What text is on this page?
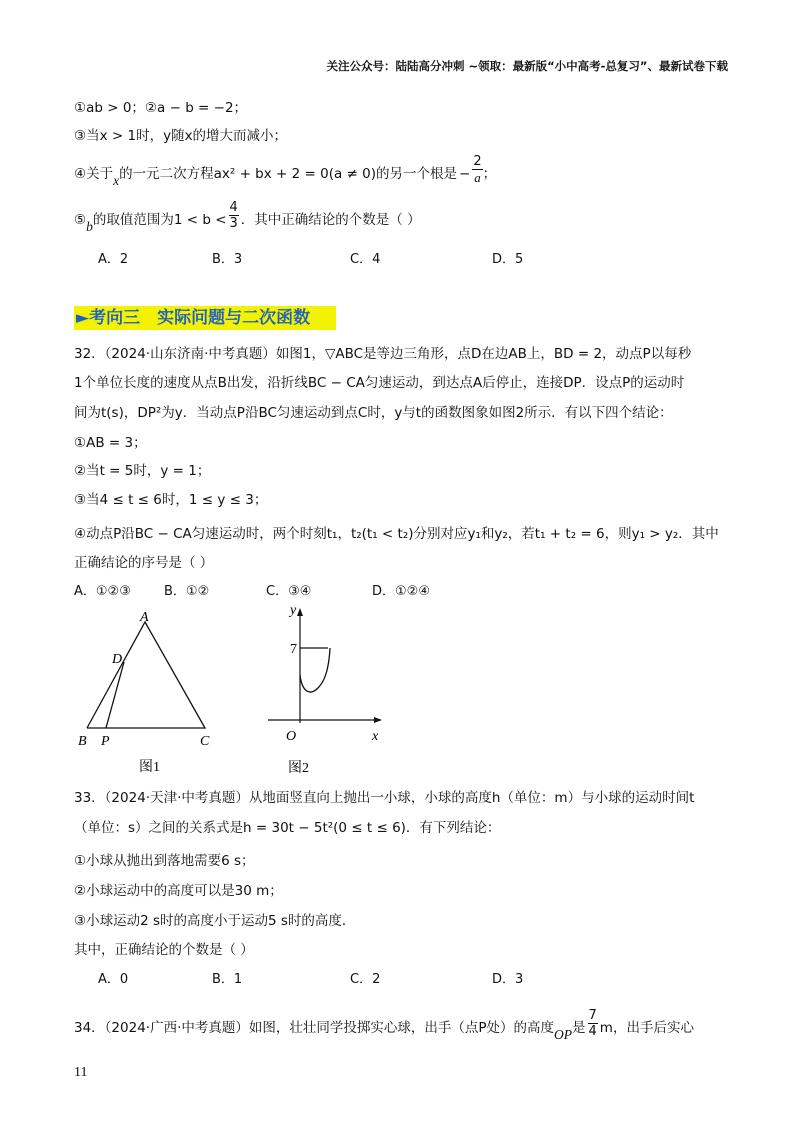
关注公众号：陆陆高分冲刺 ~领取：最新版“小中高考-总复习”、最新试卷下载
①ab > 0；②a − b = −2；
③当x > 1时，y随x的增大而减小；
④关于x的一元二次方程ax² + bx + 2 = 0(a ≠ 0)的另一个根是 − $\frac{2}{a}$ ；
⑤b的取值范围为$1 < b < \frac{4}{3}$ ．其中正确结论的个数是（ ）
A．2	B．3	C．4	D．5
►考向三　实际问题与二次函数
32．（2024·山东济南·中考真题）如图1，▽ABC是等边三角形，点D在边AB上，BD = 2，动点P以每秒
1个单位长度的速度从点B出发，沿折线BC − CA匀速运动，到达点A后停止，连接DP．设点P的运动时
间为t(s)，DP²为y．当动点P沿BC匀速运动到点C时，y与t的函数图象如图2所示．有以下四个结论：
①AB = 3；
②当t = 5时，y = 1；
③当4 ≤ t ≤ 6时，1 ≤ y ≤ 3；
④动点P沿BC − CA匀速运动时，两个时刻t₁，t₂(t₁ < t₂)分别对应y₁和y₂，若t₁ + t₂ = 6，则y₁ > y₂．其中
正确结论的序号是（ ）
A．①②③	B．①②	C．③④	D．①②④
A
D
B P	C
图1
y
7
O	x
图2
33．（2024·天津·中考真题）从地面竖直向上抛出一小球，小球的高度h（单位：m）与小球的运动时间t
（单位：s）之间的关系式是h = 30t − 5t²(0 ≤ t ≤ 6)．有下列结论：
①小球从抛出到落地需要6 s；
②小球运动中的高度可以是30 m；
③小球运动2 s时的高度小于运动5 s时的高度．
其中，正确结论的个数是（ ）
A．0	B．1	C．2	D．3
34．（2024·广西·中考真题）如图，壮壮同学投掷实心球，出手（点P处）的高度OP是 $\frac{7}{4}$ m，出手后实心
11
